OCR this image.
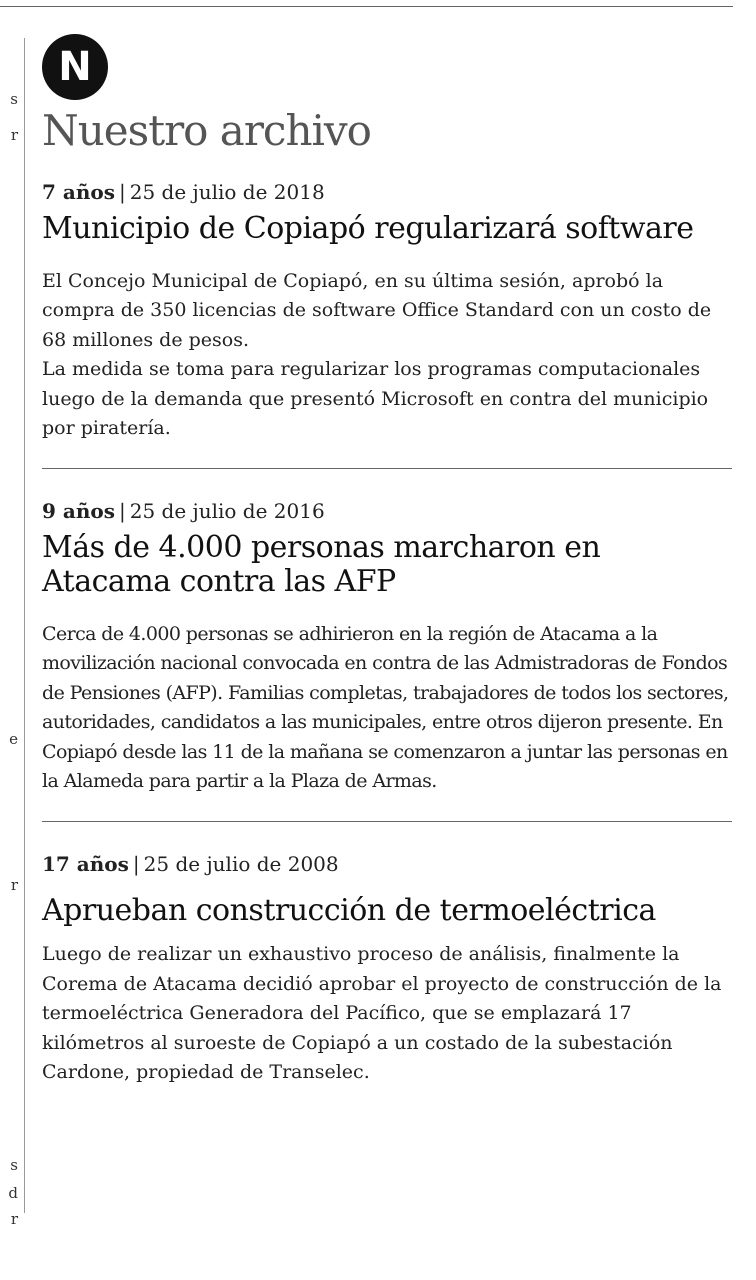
s
r
e
r
s
d
r
N
Nuestro archivo
7 años | 25 de julio de 2018
Municipio de Copiapó regularizará software

El Concejo Municipal de Copiapó, en su última sesión, aprobó la compra de 350 licencias de software Office Standard con un costo de 68 millones de pesos.

La medida se toma para regularizar los programas computacionales luego de la demanda que presentó Microsoft en contra del municipio por piratería.

9 años | 25 de julio de 2016
Más de 4.000 personas marcharon en Atacama contra las AFP

Cerca de 4.000 personas se adhirieron en la región de Atacama a la movilización nacional convocada en contra de las Admistradoras de Fondos de Pensiones (AFP). Familias completas, trabajadores de todos los sectores, autoridades, candidatos a las municipales, entre otros dijeron presente. En Copiapó desde las 11 de la mañana se comenzaron a juntar las personas en la Alameda para partir a la Plaza de Armas.

17 años | 25 de julio de 2008
Aprueban construcción de termoeléctrica

Luego de realizar un exhaustivo proceso de análisis, finalmente la Corema de Atacama decidió aprobar el proyecto de construcción de la termoeléctrica Generadora del Pacífico, que se emplazará 17 kilómetros al suroeste de Copiapó a un costado de la subestación Cardone, propiedad de Transelec.
